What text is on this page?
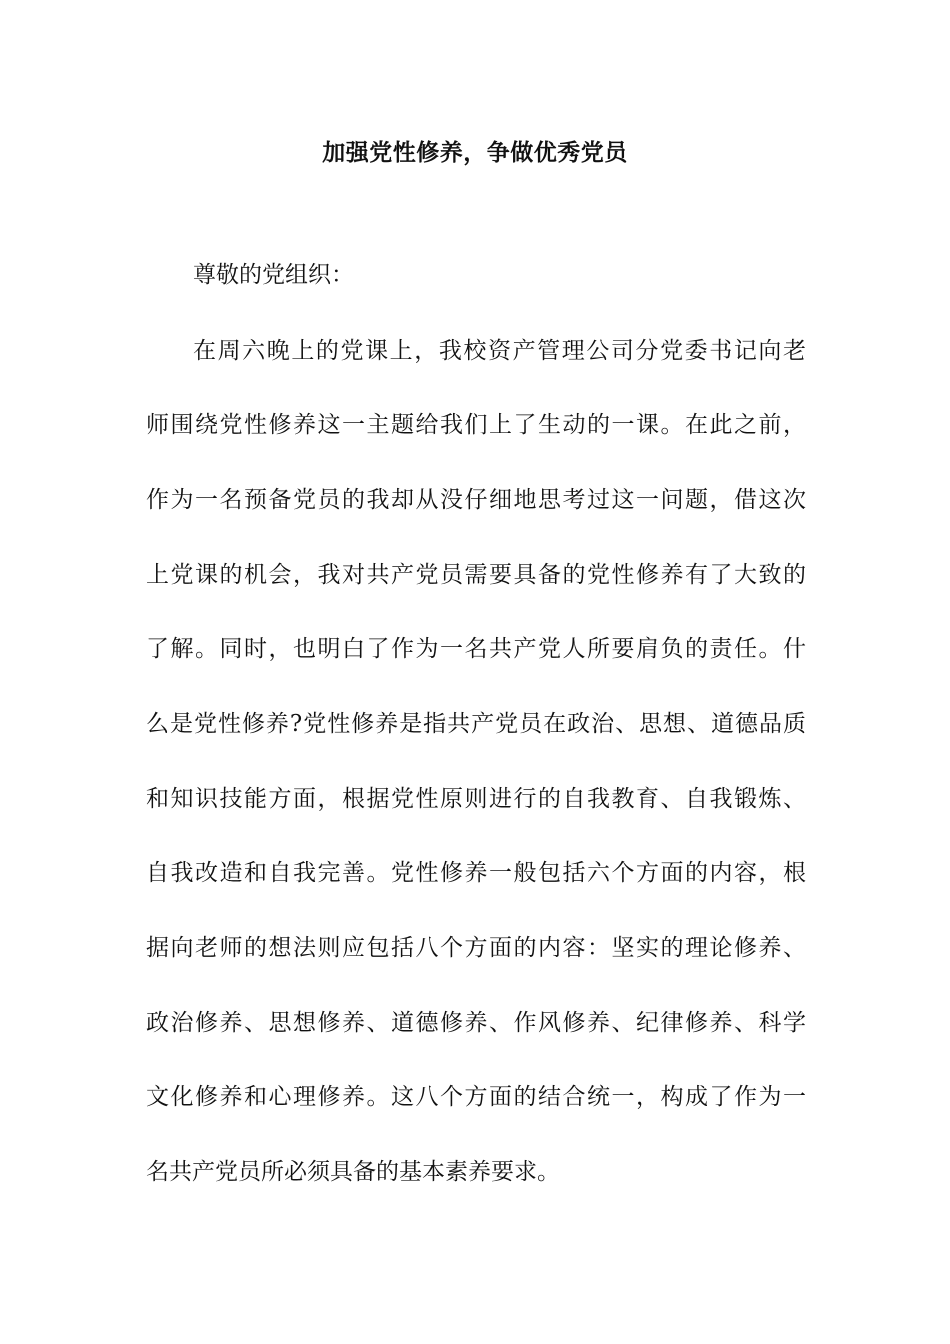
加强党性修养，争做优秀党员
尊敬的党组织：
在周六晚上的党课上，我校资产管理公司分党委书记向老
师围绕党性修养这一主题给我们上了生动的一课。在此之前，
作为一名预备党员的我却从没仔细地思考过这一问题，借这次
上党课的机会，我对共产党员需要具备的党性修养有了大致的
了解。同时，也明白了作为一名共产党人所要肩负的责任。什
么是党性修养?党性修养是指共产党员在政治、思想、道德品质
和知识技能方面，根据党性原则进行的自我教育、自我锻炼、
自我改造和自我完善。党性修养一般包括六个方面的内容，根
据向老师的想法则应包括八个方面的内容：坚实的理论修养、
政治修养、思想修养、道德修养、作风修养、纪律修养、科学
文化修养和心理修养。这八个方面的结合统一，构成了作为一
名共产党员所必须具备的基本素养要求。
